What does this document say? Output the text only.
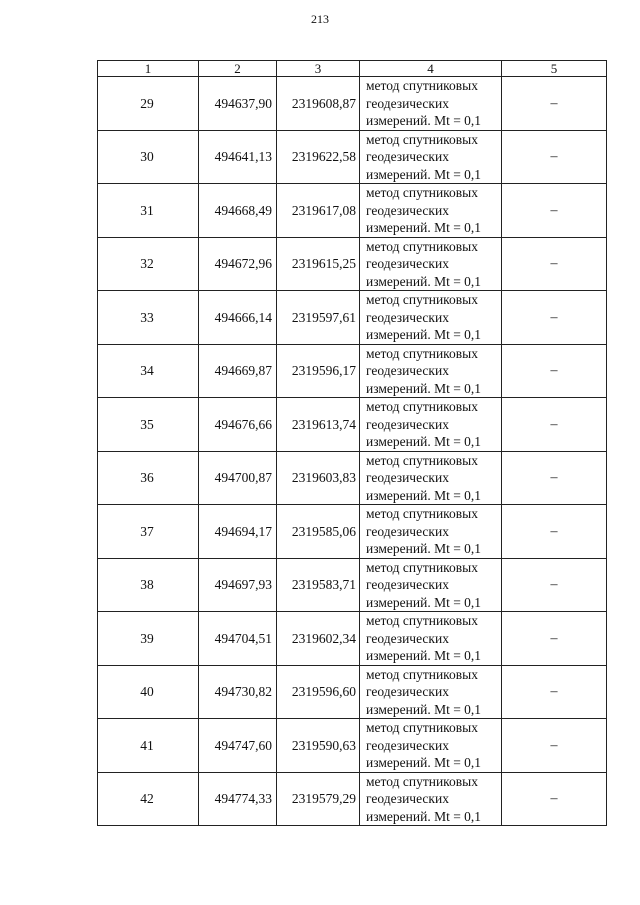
213
1	2	3	4	5
29	494637,90	2319608,87	метод спутниковых
геодезических
измерений. Mt = 0,1	–
30	494641,13	2319622,58	метод спутниковых
геодезических
измерений. Mt = 0,1	–
31	494668,49	2319617,08	метод спутниковых
геодезических
измерений. Mt = 0,1	–
32	494672,96	2319615,25	метод спутниковых
геодезических
измерений. Mt = 0,1	–
33	494666,14	2319597,61	метод спутниковых
геодезических
измерений. Mt = 0,1	–
34	494669,87	2319596,17	метод спутниковых
геодезических
измерений. Mt = 0,1	–
35	494676,66	2319613,74	метод спутниковых
геодезических
измерений. Mt = 0,1	–
36	494700,87	2319603,83	метод спутниковых
геодезических
измерений. Mt = 0,1	–
37	494694,17	2319585,06	метод спутниковых
геодезических
измерений. Mt = 0,1	–
38	494697,93	2319583,71	метод спутниковых
геодезических
измерений. Mt = 0,1	–
39	494704,51	2319602,34	метод спутниковых
геодезических
измерений. Mt = 0,1	–
40	494730,82	2319596,60	метод спутниковых
геодезических
измерений. Mt = 0,1	–
41	494747,60	2319590,63	метод спутниковых
геодезических
измерений. Mt = 0,1	–
42	494774,33	2319579,29	метод спутниковых
геодезических
измерений. Mt = 0,1	–
